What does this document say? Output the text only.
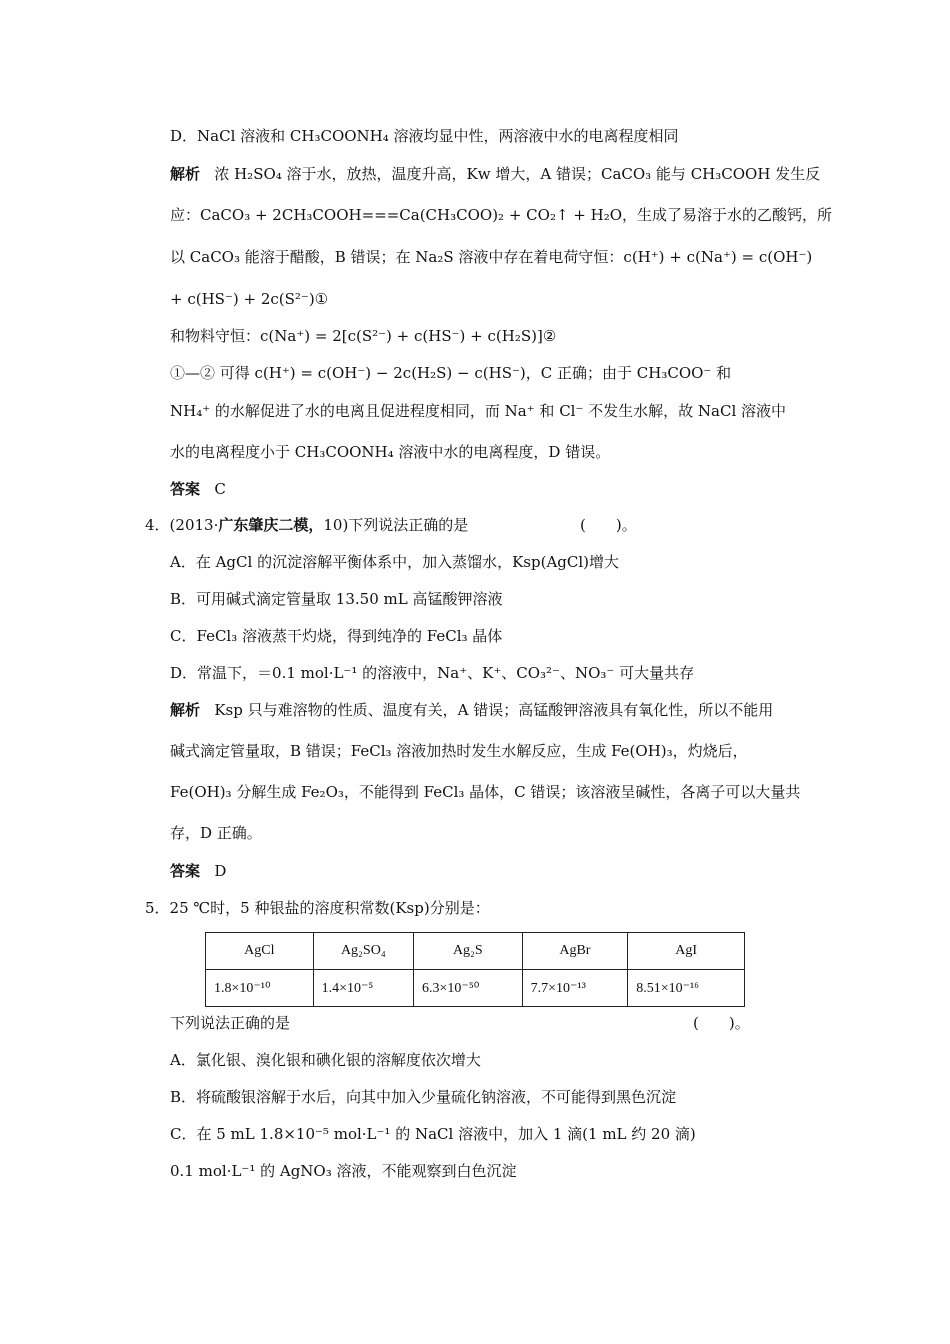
D．NaCl 溶液和 CH₃COONH₄ 溶液均显中性，两溶液中水的电离程度相同
解析 浓 H₂SO₄ 溶于水，放热，温度升高，Kw 增大，A 错误；CaCO₃ 能与 CH₃COOH 发生反
应：CaCO₃ + 2CH₃COOH===Ca(CH₃COO)₂ + CO₂↑ + H₂O，生成了易溶于水的乙酸钙，所
以 CaCO₃ 能溶于醋酸，B 错误；在 Na₂S 溶液中存在着电荷守恒：c(H⁺) + c(Na⁺) = c(OH⁻)
+ c(HS⁻) + 2c(S²⁻)①
和物料守恒：c(Na⁺) = 2[c(S²⁻) + c(HS⁻) + c(H₂S)]②
①—② 可得 c(H⁺) = c(OH⁻) − 2c(H₂S) − c(HS⁻)，C 正确；由于 CH₃COO⁻ 和
NH₄⁺ 的水解促进了水的电离且促进程度相同，而 Na⁺ 和 Cl⁻ 不发生水解，故 NaCl 溶液中
水的电离程度小于 CH₃COONH₄ 溶液中水的电离程度，D 错误。
答案 C
4．(2013·广东肇庆二模，10)下列说法正确的是	(　　)。
A．在 AgCl 的沉淀溶解平衡体系中，加入蒸馏水，Ksp(AgCl)增大
B．可用碱式滴定管量取 13.50 mL 高锰酸钾溶液
C．FeCl₃ 溶液蒸干灼烧，得到纯净的 FeCl₃ 晶体
D．常温下，＝0.1 mol·L⁻¹ 的溶液中，Na⁺、K⁺、CO₃²⁻、NO₃⁻ 可大量共存
解析 Ksp 只与难溶物的性质、温度有关，A 错误；高锰酸钾溶液具有氧化性，所以不能用
碱式滴定管量取，B 错误；FeCl₃ 溶液加热时发生水解反应，生成 Fe(OH)₃，灼烧后，
Fe(OH)₃ 分解生成 Fe₂O₃，不能得到 FeCl₃ 晶体，C 错误；该溶液呈碱性，各离子可以大量共
存，D 正确。
答案 D
5．25 ℃时，5 种银盐的溶度积常数(Ksp)分别是：
AgCl	Ag₂SO₄	Ag₂S	AgBr	AgI
1.8×10⁻¹⁰	1.4×10⁻⁵	6.3×10⁻⁵⁰	7.7×10⁻¹³	8.51×10⁻¹⁶
下列说法正确的是	(　　)。
A．氯化银、溴化银和碘化银的溶解度依次增大
B．将硫酸银溶解于水后，向其中加入少量硫化钠溶液，不可能得到黑色沉淀
C．在 5 mL 1.8×10⁻⁵ mol·L⁻¹ 的 NaCl 溶液中，加入 1 滴(1 mL 约 20 滴)
0.1 mol·L⁻¹ 的 AgNO₃ 溶液，不能观察到白色沉淀
